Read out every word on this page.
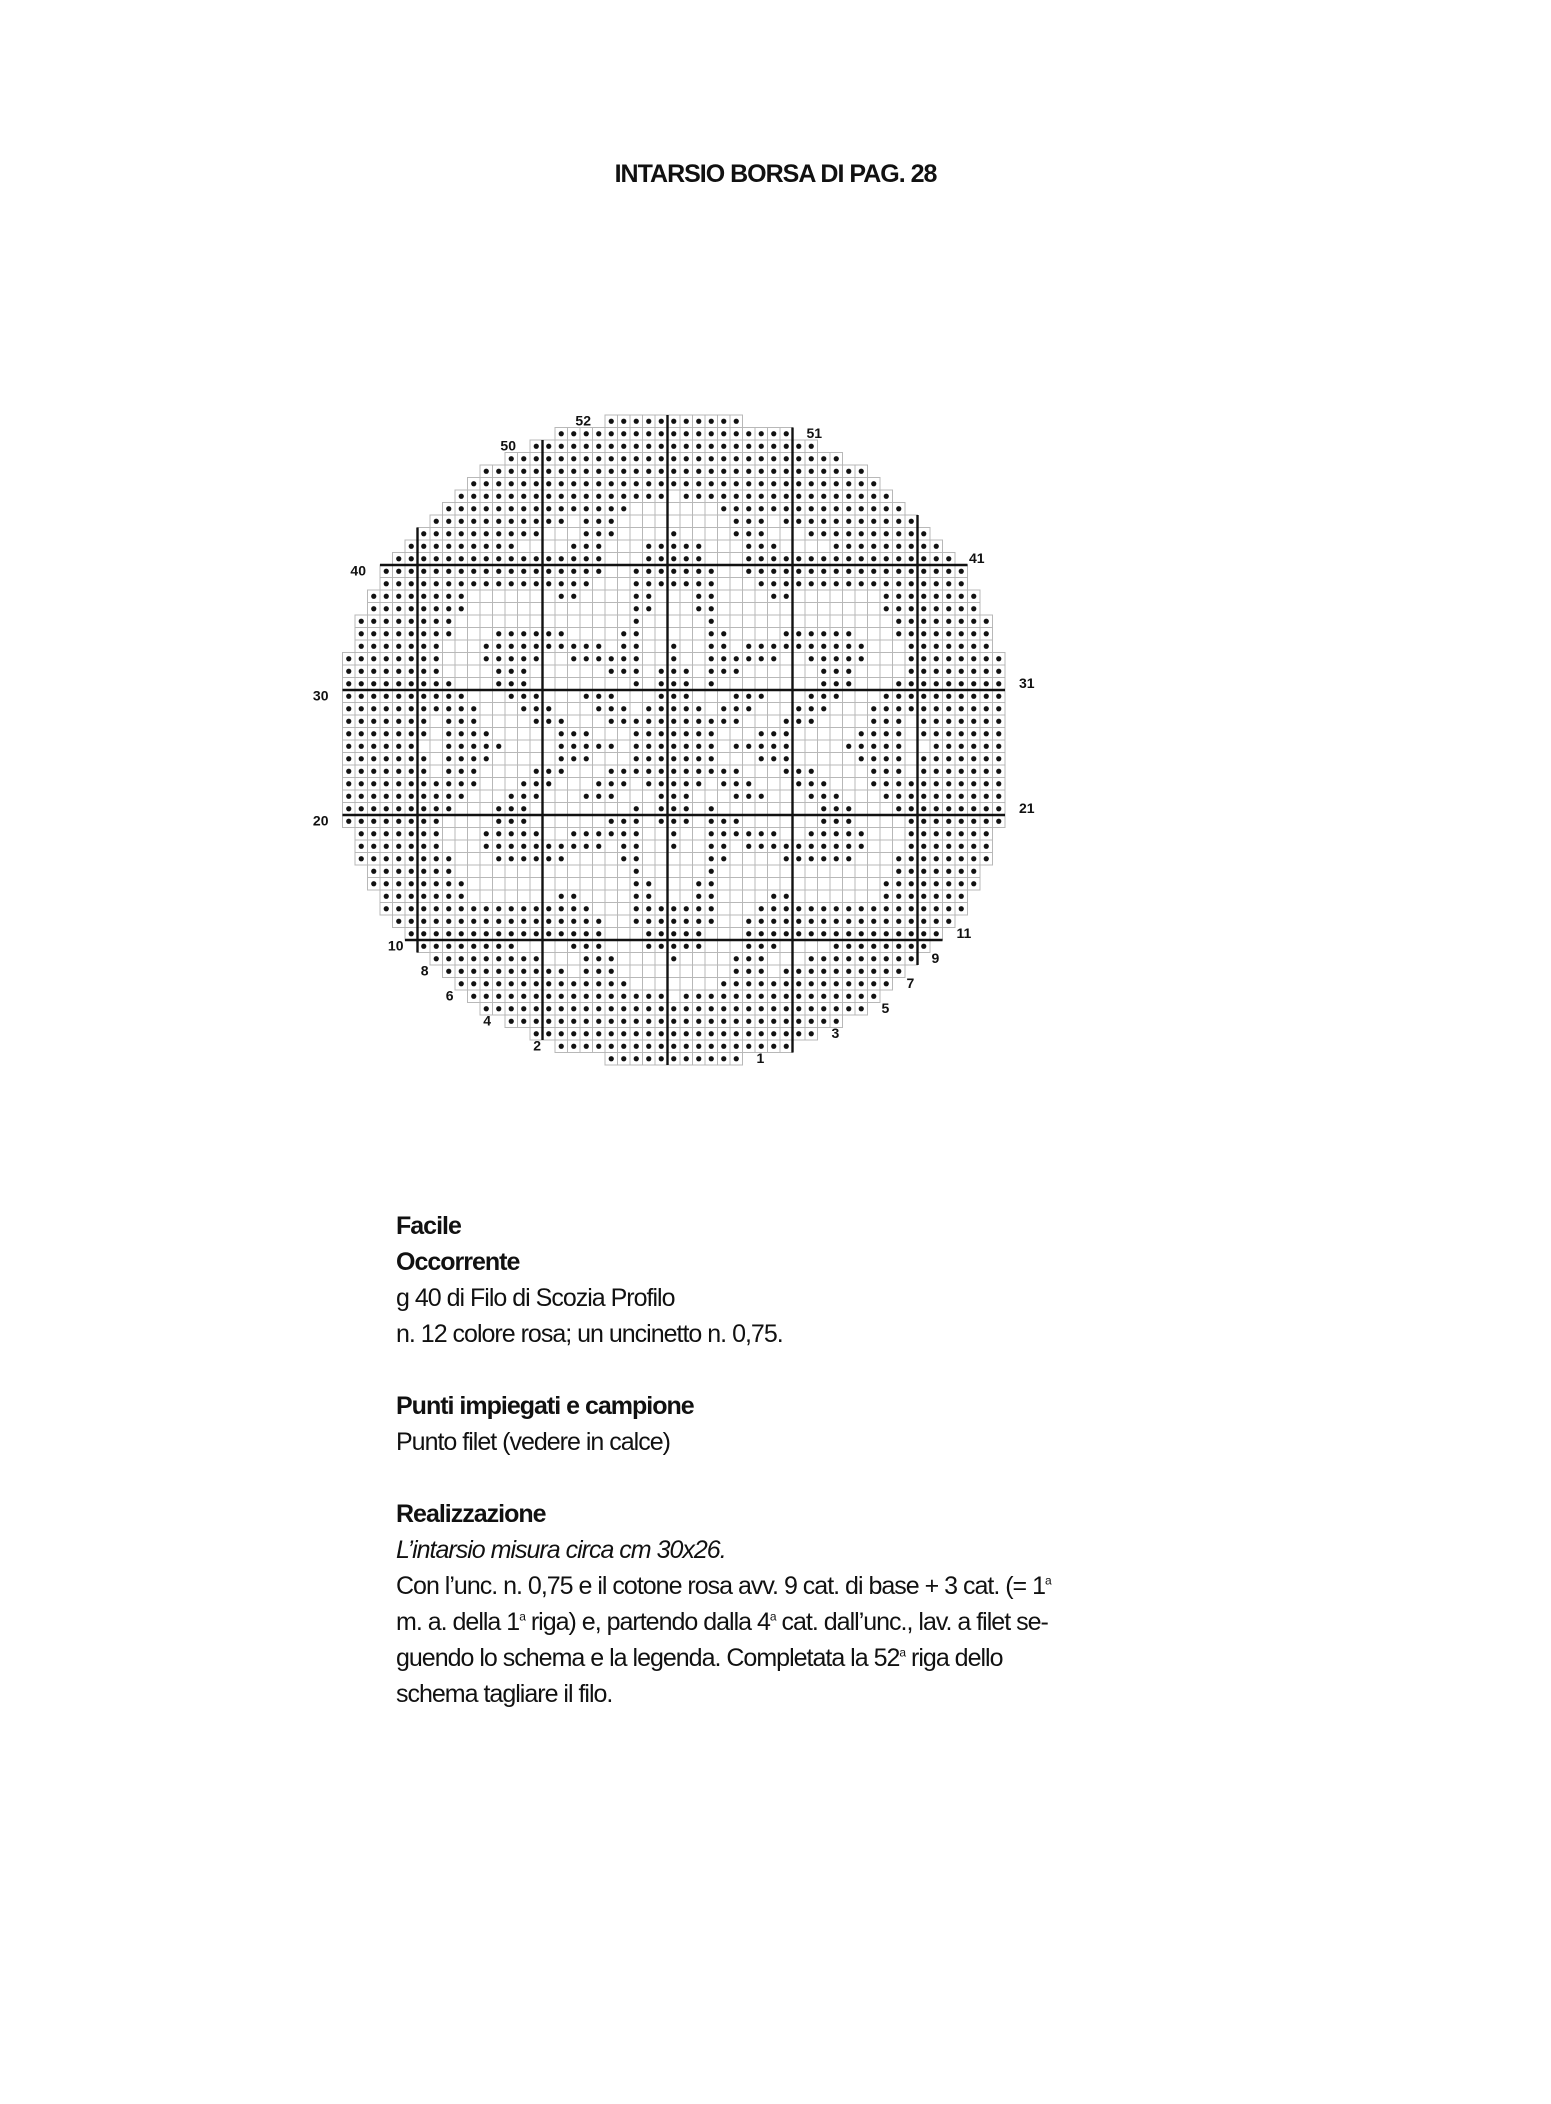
INTARSIO BORSA DI PAG. 28
1
2
3
4
5
6
7
8
9
10
11
20
21
30
31
40
41
50
51
52

Facile

Occorrente

g 40 di Filo di Scozia Profilo

n. 12 colore rosa; un uncinetto n. 0,75.

Punti impiegati e campione

Punto filet (vedere in calce)

Realizzazione

L’intarsio misura circa cm 30x26.

Con l’unc. n. 0,75 e il cotone rosa avv. 9 cat. di base + 3 cat. (= $1^a$
m. a. della 1$^a$ riga) e, partendo dalla 4$^a$ cat. dall’unc., lav. a filet se-
guendo lo schema e la legenda. Completata la 52$^a$ riga dello
schema tagliare il filo.
